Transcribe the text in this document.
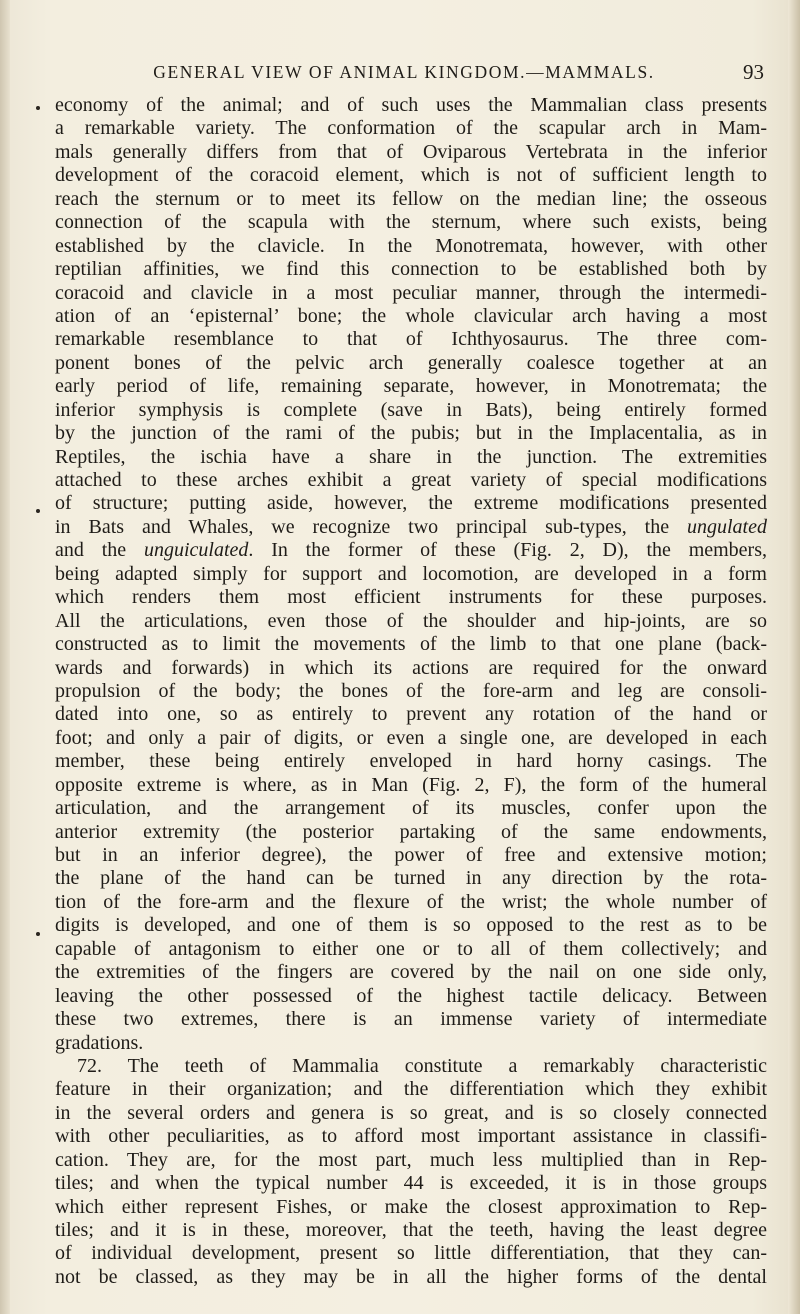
GENERAL VIEW OF ANIMAL KINGDOM.—MAMMALS.	93
economy of the animal; and of such uses the Mammalian class presents
a remarkable variety. The conformation of the scapular arch in Mam-
mals generally differs from that of Oviparous Vertebrata in the inferior
development of the coracoid element, which is not of sufficient length to
reach the sternum or to meet its fellow on the median line; the osseous
connection of the scapula with the sternum, where such exists, being
established by the clavicle. In the Monotremata, however, with other
reptilian affinities, we find this connection to be established both by
coracoid and clavicle in a most peculiar manner, through the intermedi-
ation of an ‘episternal’ bone; the whole clavicular arch having a most
remarkable resemblance to that of Ichthyosaurus. The three com-
ponent bones of the pelvic arch generally coalesce together at an
early period of life, remaining separate, however, in Monotremata; the
inferior symphysis is complete (save in Bats), being entirely formed
by the junction of the rami of the pubis; but in the Implacentalia, as in
Reptiles, the ischia have a share in the junction. The extremities
attached to these arches exhibit a great variety of special modifications
of structure; putting aside, however, the extreme modifications presented
in Bats and Whales, we recognize two principal sub-types, the ungulated
and the unguiculated. In the former of these (Fig. 2, D), the members,
being adapted simply for support and locomotion, are developed in a form
which renders them most efficient instruments for these purposes.
All the articulations, even those of the shoulder and hip-joints, are so
constructed as to limit the movements of the limb to that one plane (back-
wards and forwards) in which its actions are required for the onward
propulsion of the body; the bones of the fore-arm and leg are consoli-
dated into one, so as entirely to prevent any rotation of the hand or
foot; and only a pair of digits, or even a single one, are developed in each
member, these being entirely enveloped in hard horny casings. The
opposite extreme is where, as in Man (Fig. 2, F), the form of the humeral
articulation, and the arrangement of its muscles, confer upon the
anterior extremity (the posterior partaking of the same endowments,
but in an inferior degree), the power of free and extensive motion;
the plane of the hand can be turned in any direction by the rota-
tion of the fore-arm and the flexure of the wrist; the whole number of
digits is developed, and one of them is so opposed to the rest as to be
capable of antagonism to either one or to all of them collectively; and
the extremities of the fingers are covered by the nail on one side only,
leaving the other possessed of the highest tactile delicacy. Between
these two extremes, there is an immense variety of intermediate
gradations.
72. The teeth of Mammalia constitute a remarkably characteristic
feature in their organization; and the differentiation which they exhibit
in the several orders and genera is so great, and is so closely connected
with other peculiarities, as to afford most important assistance in classifi-
cation. They are, for the most part, much less multiplied than in Rep-
tiles; and when the typical number 44 is exceeded, it is in those groups
which either represent Fishes, or make the closest approximation to Rep-
tiles; and it is in these, moreover, that the teeth, having the least degree
of individual development, present so little differentiation, that they can-
not be classed, as they may be in all the higher forms of the dental
